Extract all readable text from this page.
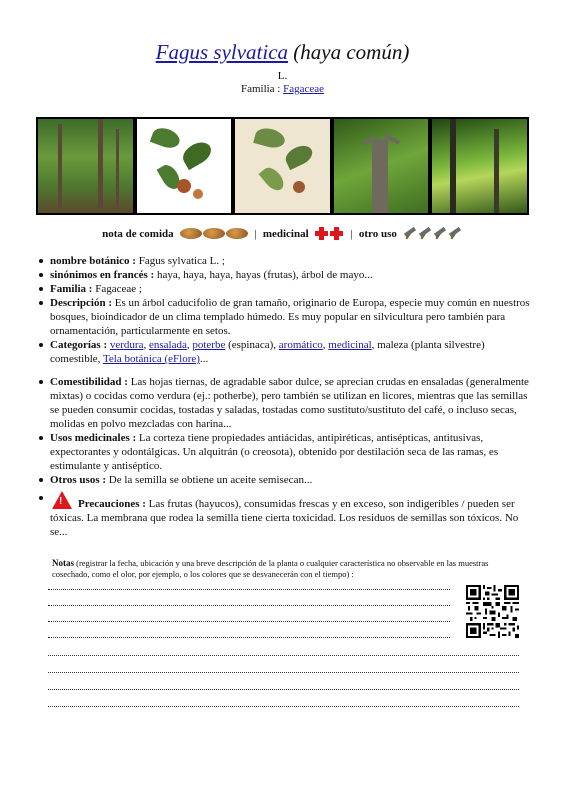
Fagus sylvatica (haya común)
L.
Familia : Fagaceae
nota de comida	| medicinal	| otro uso
nombre botánico : Fagus sylvatica L. ;
sinónimos en francés : haya, haya, haya, hayas (frutas), árbol de mayo...
Familia : Fagaceae ;
Descripción : Es un árbol caducifolio de gran tamaño, originario de Europa, especie muy común en nuestros bosques, bioindicador de un clima templado húmedo. Es muy popular en silvicultura pero también para ornamentación, particularmente en setos.
Categorías : verdura, ensalada, poterbe (espinaca), aromático, medicinal, maleza (planta silvestre) comestible, Tela botánica (eFlore)...
Comestibilidad : Las hojas tiernas, de agradable sabor dulce, se aprecian crudas en ensaladas (generalmente mixtas) o cocidas como verdura (ej.: potherbe), pero también se utilizan en licores, mientras que las semillas se pueden consumir cocidas, tostadas y saladas, tostadas como sustituto/sustituto del café, o incluso secas, molidas en polvo mezcladas con harina...
Usos medicinales : La corteza tiene propiedades antiácidas, antipiréticas, antisépticas, antitusivas, expectorantes y odontálgicas. Un alquitrán (o creosota), obtenido por destilación seca de las ramas, es estimulante y antiséptico.
Otros usos : De la semilla se obtiene un aceite semisecan...
! Precauciones : Las frutas (hayucos), consumidas frescas y en exceso, son indigeribles / pueden ser tóxicas. La membrana que rodea la semilla tiene cierta toxicidad. Los residuos de semillas son tóxicos. No se...
Notas (registrar la fecha, ubicación y una breve descripción de la planta o cualquier característica no observable en las muestras cosechado, como el olor, por ejemplo, o los colores que se desvanecerán con el tiempo) :
